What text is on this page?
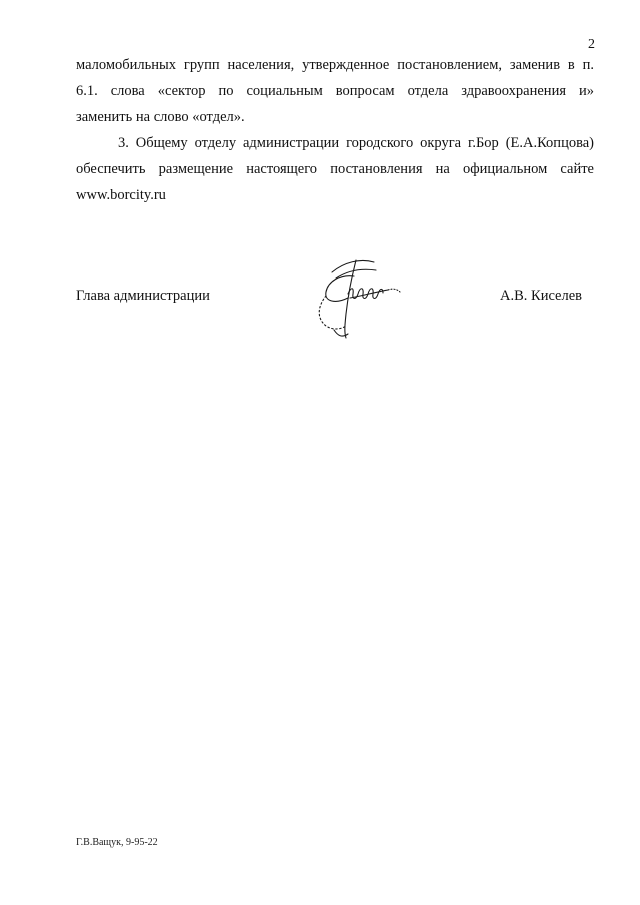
2

маломобильных групп населения, утвержденное постановлением, заменив в п.
6.1. слова «сектор по социальным вопросам отдела здравоохранения и»
заменить на слово «отдел».

3. Общему отделу администрации городского округа г.Бор (Е.А.Копцова)
обеспечить размещение настоящего постановления на официальном сайте
www.borcity.ru

Глава администрации	А.В. Киселев
Г.В.Ващук, 9-95-22
